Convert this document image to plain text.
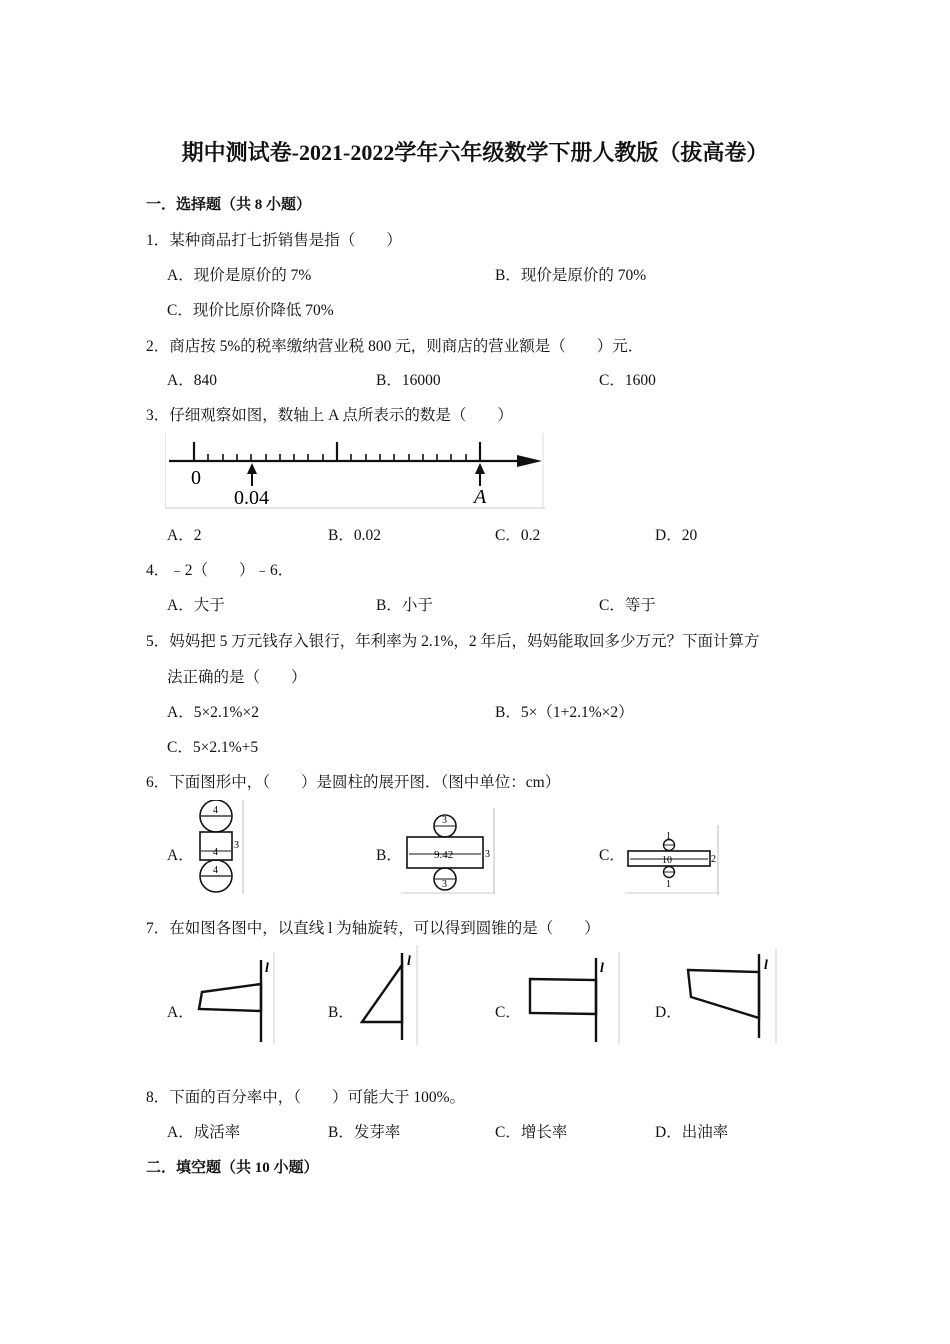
期中测试卷-2021-2022学年六年级数学下册人教版（拔高卷）
一．选择题（共 8 小题）
1．某种商品打七折销售是指（　　）
A．现价是原价的 7%	B．现价是原价的 70%
C．现价比原价降低 70%
2．商店按 5%的税率缴纳营业税 800 元，则商店的营业额是（　　）元．
A．840	B．16000	C．1600
3．仔细观察如图，数轴上 A 点所表示的数是（　　）
0
0.04	A
A．2	B．0.02	C．0.2	D．20
4．﹣2（　　）﹣6．
A．大于	B．小于	C．等于
5．妈妈把 5 万元钱存入银行，年利率为 2.1%，2 年后，妈妈能取回多少万元？下面计算方
法正确的是（　　）
A．5×2.1%×2	B．5×（1+2.1%×2）
C．5×2.1%+5
6．下面图形中，（　　）是圆柱的展开图．（图中单位：cm）
A．
4
4
3
4
B．
3
9.42	3
3
C．
1
10	2
1
7．在如图各图中，以直线 l 为轴旋转，可以得到圆锥的是（　　）
A．
l
B．
l
C．
l
D．
l
8．下面的百分率中，（　　）可能大于 100%。
A．成活率	B．发芽率	C．增长率	D．出油率
二．填空题（共 10 小题）
